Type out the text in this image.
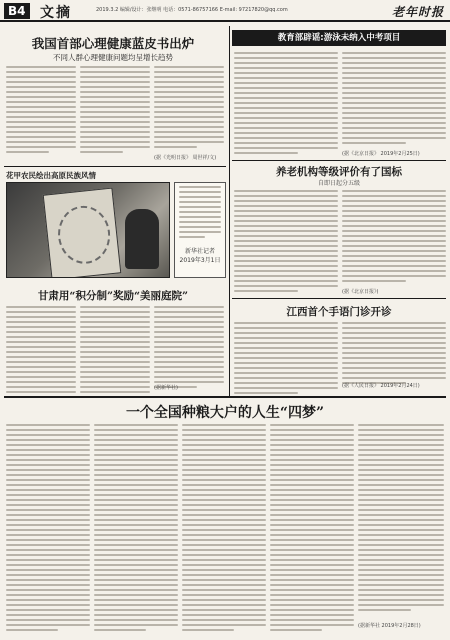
B4 文摘	2019.3.2 编辑/设计：张继明 电话：0571-86757166 E-mail: 97217820@qq.com	老年时报
我国首部心理健康蓝皮书出炉
不同人群心理健康问题均呈增长趋势
(据《光明日报》 周世祥/文)
花甲农民绘出高原民族风情
新华社记者 2019年3月1日
甘肃用“积分制”奖励“美丽庭院”
(据新华社)
教育部辟谣:游泳未纳入中考项目
(据《北京日报》 2019年2月25日)
养老机构等级评价有了国标
自即日起分五级
(据《北京日报》)
江西首个手语门诊开诊
(据《人民日报》 2019年2月24日)
一个全国种粮大户的人生“四梦”
(据新华社 2019年2月28日)
